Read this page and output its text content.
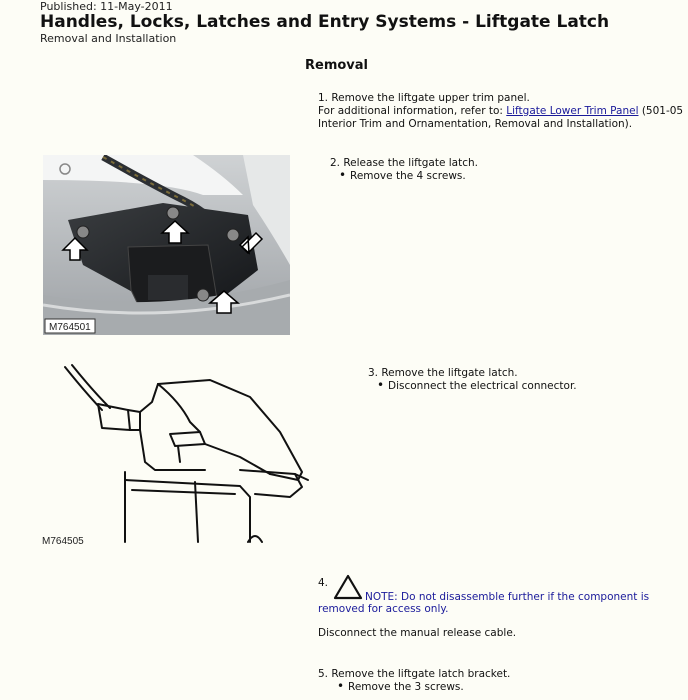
Published: 11-May-2011
Handles, Locks, Latches and Entry Systems - Liftgate Latch
Removal and Installation
Removal
1. Remove the liftgate upper trim panel.
For additional information, refer to: Liftgate Lower Trim Panel (501-05
Interior Trim and Ornamentation, Removal and Installation).
M764501
2. Release the liftgate latch.
• Remove the 4 screws.
M764505
3. Remove the liftgate latch.
• Disconnect the electrical connector.
4.
NOTE: Do not disassemble further if the component is
removed for access only.
Disconnect the manual release cable.
5. Remove the liftgate latch bracket.
• Remove the 3 screws.
